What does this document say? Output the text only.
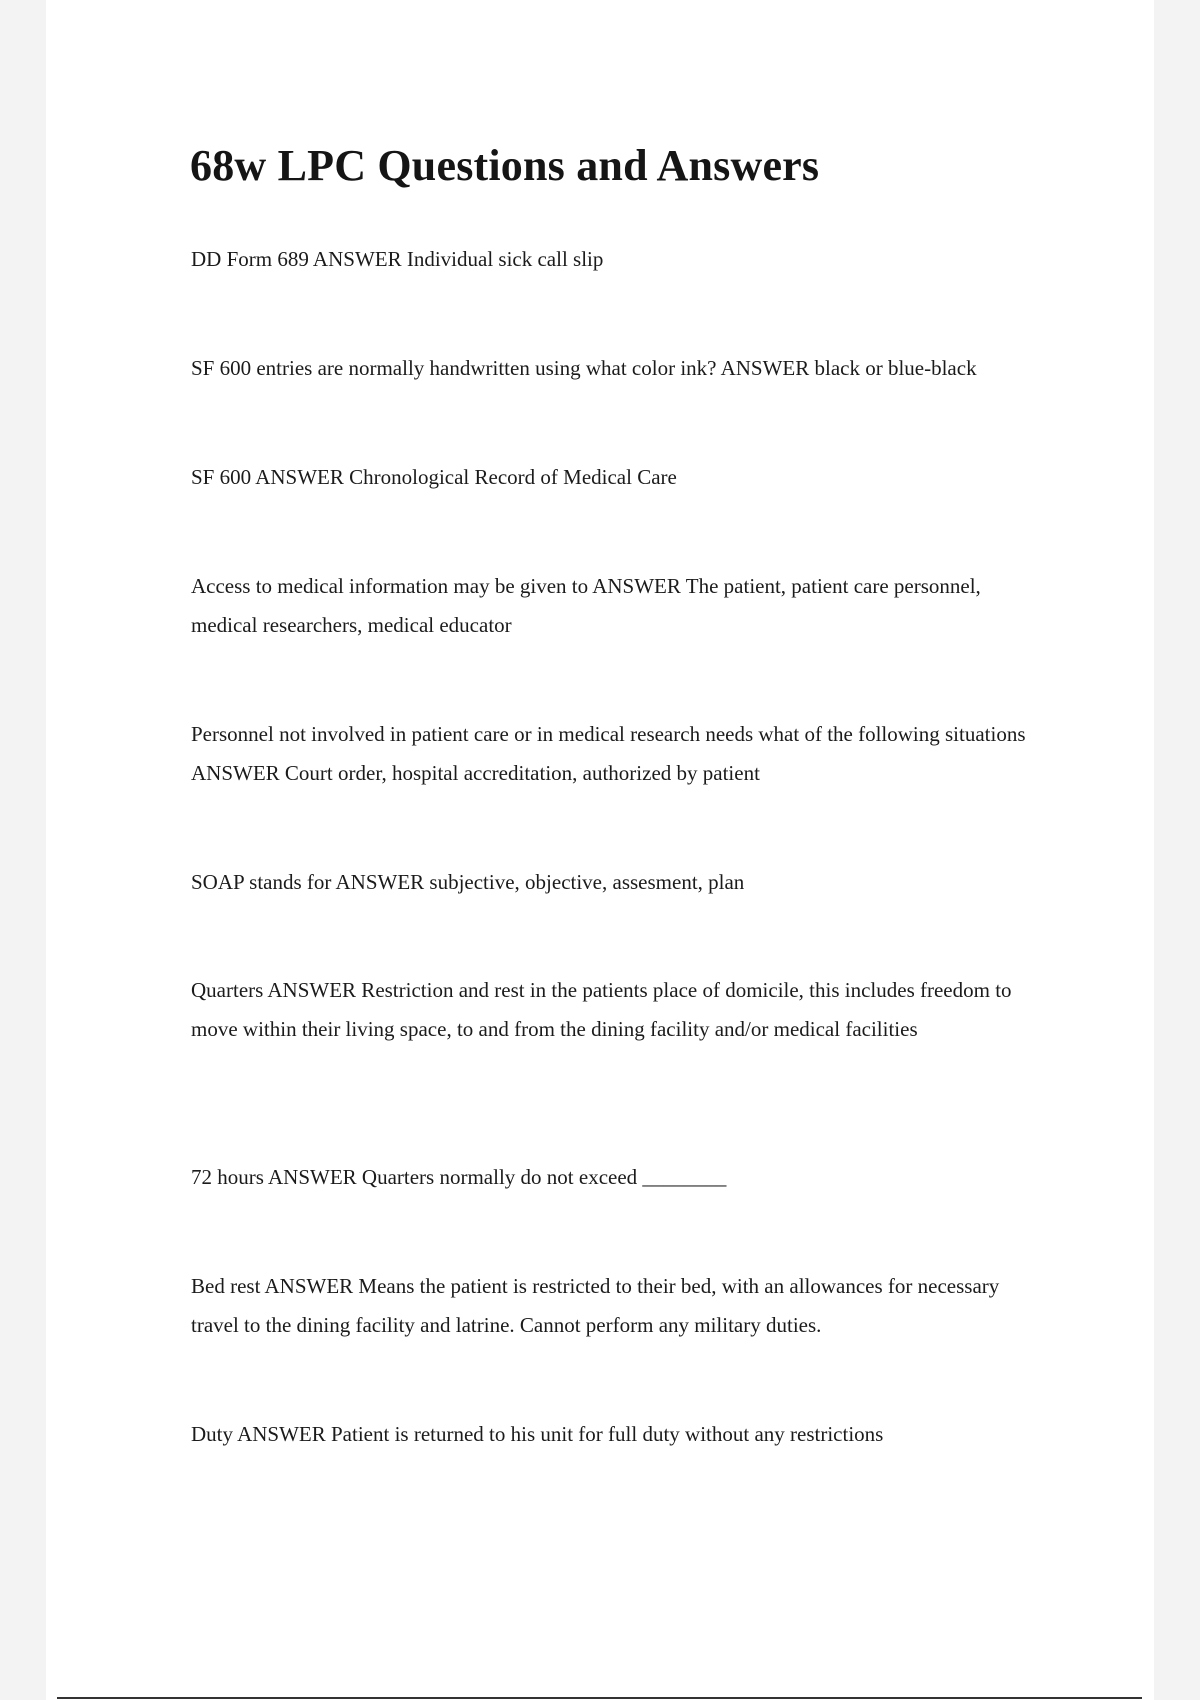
68w LPC Questions and Answers

DD Form 689 ANSWER Individual sick call slip

SF 600 entries are normally handwritten using what color ink? ANSWER black or blue-black

SF 600 ANSWER Chronological Record of Medical Care

Access to medical information may be given to ANSWER The patient, patient care personnel, medical researchers, medical educator

Personnel not involved in patient care or in medical research needs what of the following situations ANSWER Court order, hospital accreditation, authorized by patient

SOAP stands for ANSWER subjective, objective, assesment, plan

Quarters ANSWER Restriction and rest in the patients place of domicile, this includes freedom to move within their living space, to and from the dining facility and/or medical facilities

72 hours ANSWER Quarters normally do not exceed ________

Bed rest ANSWER Means the patient is restricted to their bed, with an allowances for necessary travel to the dining facility and latrine. Cannot perform any military duties.

Duty ANSWER Patient is returned to his unit for full duty without any restrictions
